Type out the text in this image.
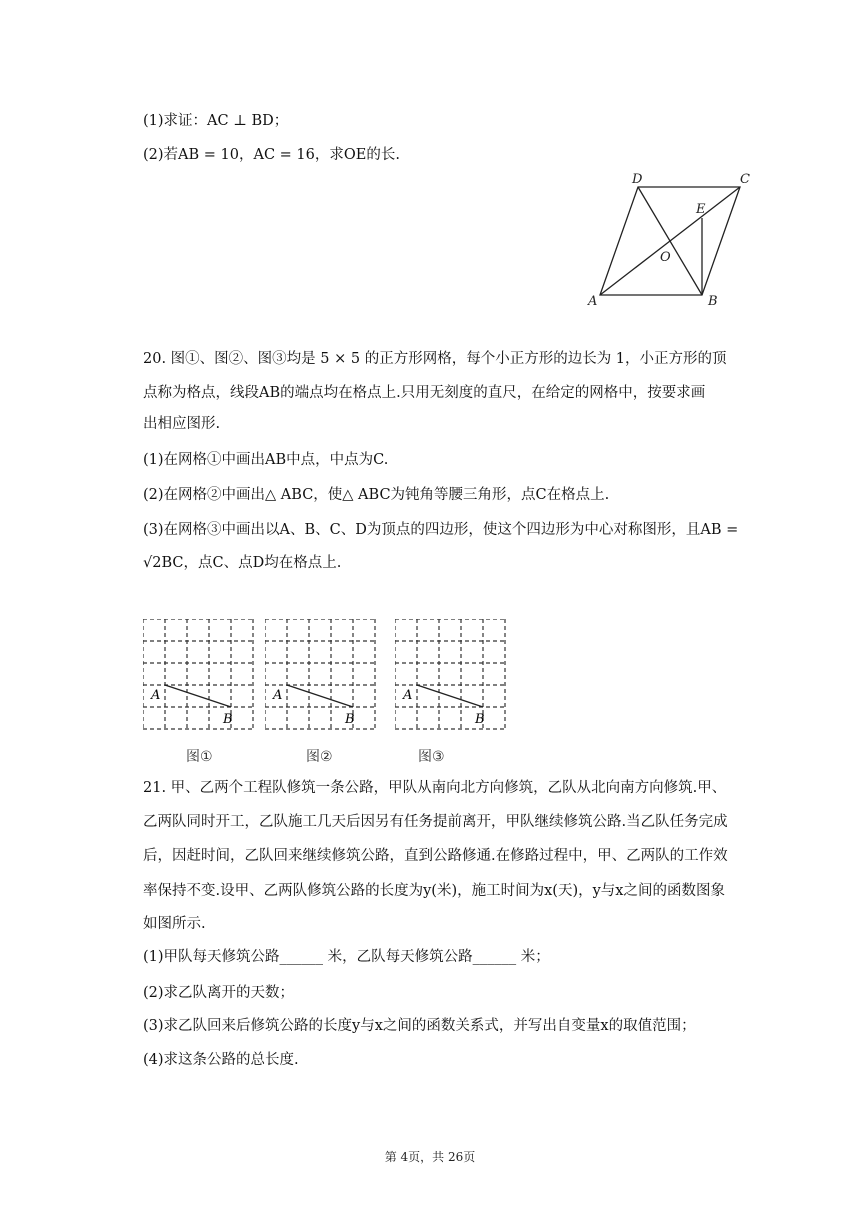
(1)求证：AC ⊥ BD；
(2)若AB = 10，AC = 16，求OE的长.
A	B
C
D
E
O
20. 图①、图②、图③均是 5 × 5 的正方形网格，每个小正方形的边长为 1，小正方形的顶
点称为格点，线段AB的端点均在格点上.只用无刻度的直尺，在给定的网格中，按要求画
出相应图形.
(1)在网格①中画出AB中点，中点为C.
(2)在网格②中画出△ ABC，使△ ABC为钝角等腰三角形，点C在格点上.
(3)在网格③中画出以A、B、C、D为顶点的四边形，使这个四边形为中心对称图形，且AB =
√2BC，点C、点D均在格点上.
A
B
A
B
A
B
图①	图②	图③
21. 甲、乙两个工程队修筑一条公路，甲队从南向北方向修筑，乙队从北向南方向修筑.甲、
乙两队同时开工，乙队施工几天后因另有任务提前离开，甲队继续修筑公路.当乙队任务完成
后，因赶时间，乙队回来继续修筑公路，直到公路修通.在修路过程中，甲、乙两队的工作效
率保持不变.设甲、乙两队修筑公路的长度为y(米)，施工时间为x(天)，y与x之间的函数图象
如图所示.
(1)甲队每天修筑公路______ 米，乙队每天修筑公路______ 米；
(2)求乙队离开的天数；
(3)求乙队回来后修筑公路的长度y与x之间的函数关系式，并写出自变量x的取值范围；
(4)求这条公路的总长度.
第 4页，共 26页
